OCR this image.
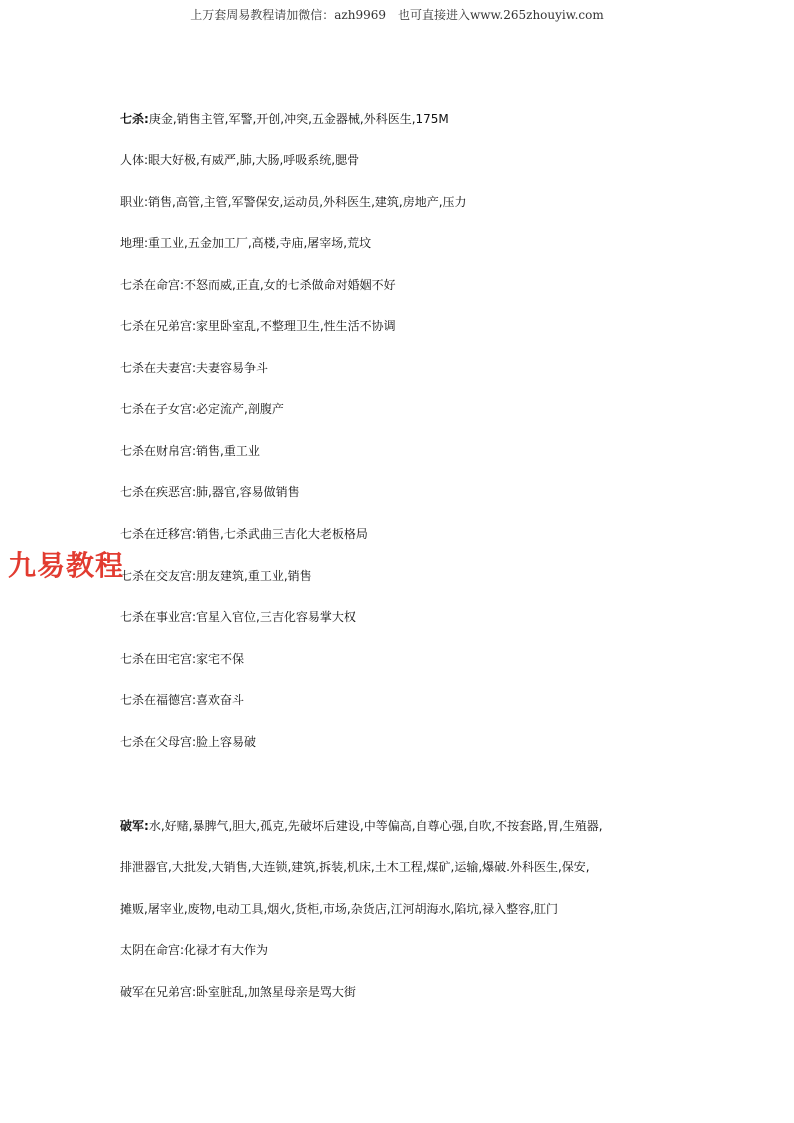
上万套周易教程请加微信：azh9969　也可直接进入www.265zhouyiw.com
七杀:庚金,销售主管,军警,开创,冲突,五金器械,外科医生,175M
人体:眼大好极,有威严,肺,大肠,呼吸系统,腮骨
职业:销售,高管,主管,军警保安,运动员,外科医生,建筑,房地产,压力
地理:重工业,五金加工厂,高楼,寺庙,屠宰场,荒坟
七杀在命宫:不怒而威,正直,女的七杀做命对婚姻不好
七杀在兄弟宫:家里卧室乱,不整理卫生,性生活不协调
七杀在夫妻宫:夫妻容易争斗
七杀在子女宫:必定流产,剖腹产
七杀在财帛宫:销售,重工业
七杀在疾恶宫:肺,器官,容易做销售
七杀在迁移宫:销售,七杀武曲三吉化大老板格局
七杀在交友宫:朋友建筑,重工业,销售
七杀在事业宫:官星入官位,三吉化容易掌大权
七杀在田宅宫:家宅不保
七杀在福德宫:喜欢奋斗
七杀在父母宫:脸上容易破
破军:水,好赌,暴脾气,胆大,孤克,先破坏后建设,中等偏高,自尊心强,自吹,不按套路,胃,生殖器,
排泄器官,大批发,大销售,大连锁,建筑,拆装,机床,土木工程,煤矿,运输,爆破.外科医生,保安,
摊贩,屠宰业,废物,电动工具,烟火,货柜,市场,杂货店,江河胡海水,陷坑,禄入整容,肛门
太阴在命宫:化禄才有大作为
破军在兄弟宫:卧室脏乱,加煞星母亲是骂大街
九易教程
